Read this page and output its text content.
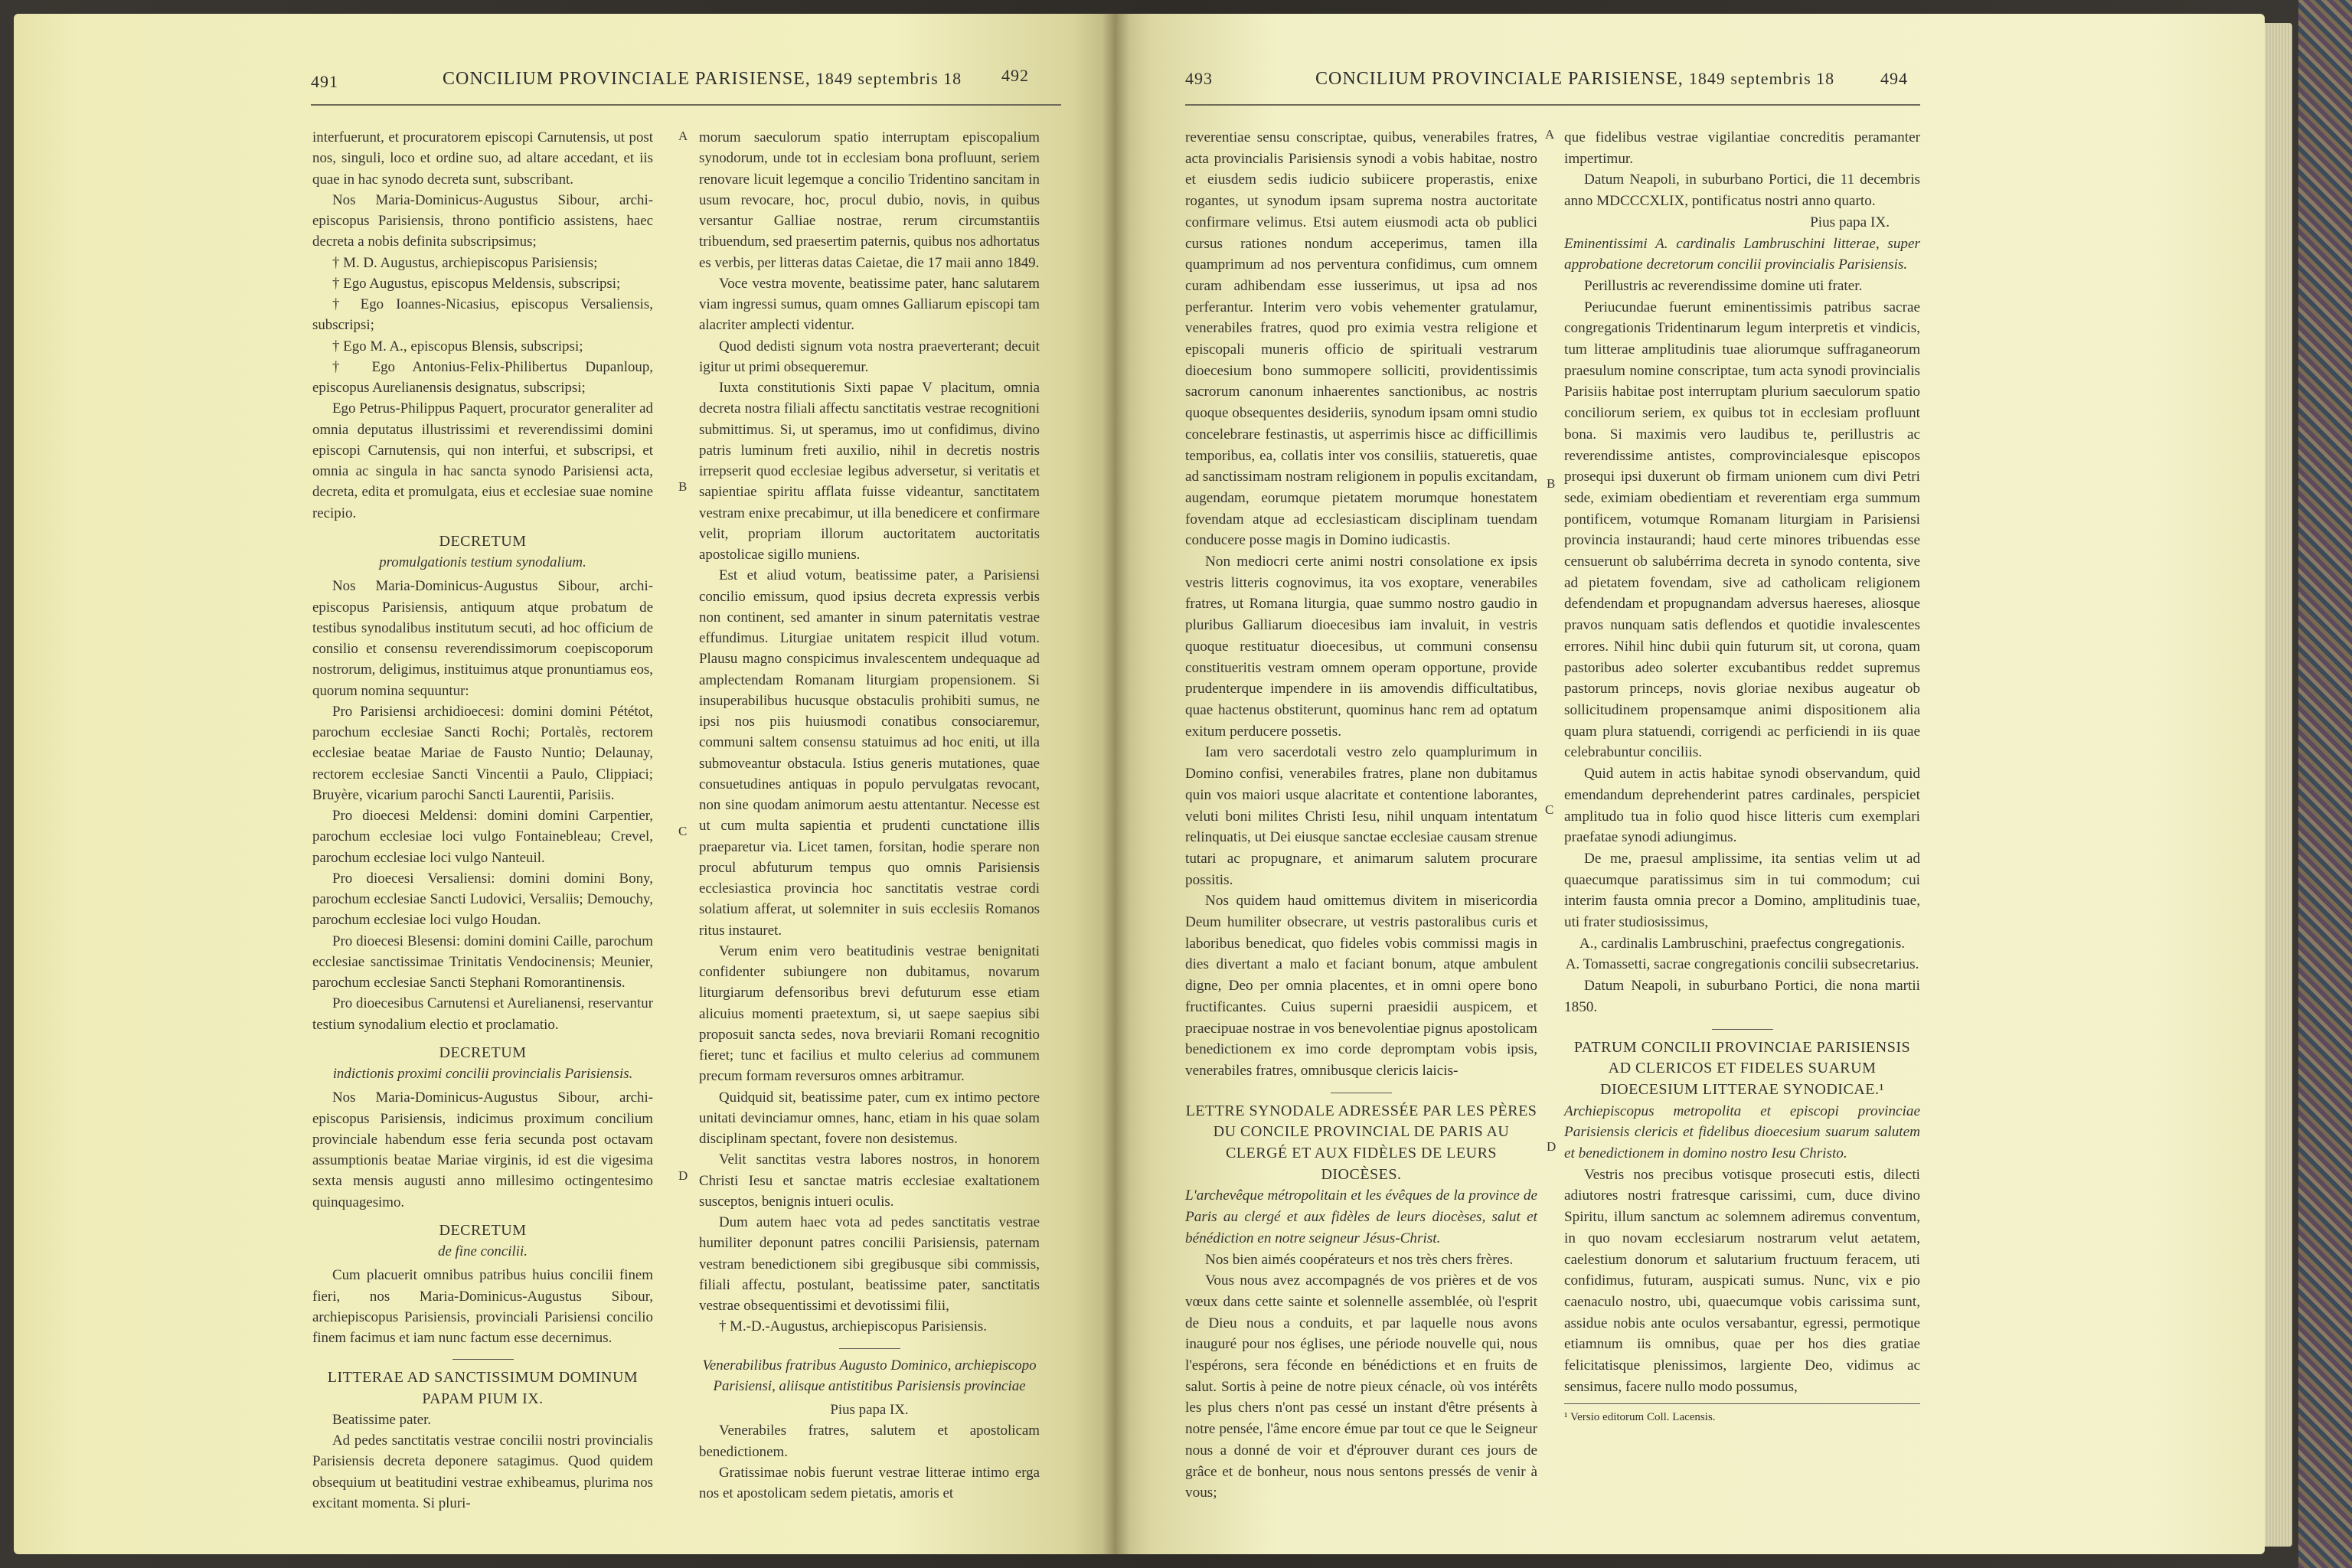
491	CONCILIUM PROVINCIALE PARISIENSE, 1849 septembris 18 492

interfuerunt, et procuratorem episcopi Carnutensis, ut post nos, singuli, loco et ordine suo, ad altare accedant, et iis quae in hac synodo decreta sunt, subscribant.

Nos Maria-Dominicus-Augustus Sibour, archi-episcopus Parisiensis, throno pontificio assistens, haec decreta a nobis definita subscripsimus;

† M. D. Augustus, archiepiscopus Parisiensis;

† Ego Augustus, episcopus Meldensis, subscripsi;

† Ego Ioannes-Nicasius, episcopus Versaliensis, subscripsi;

† Ego M. A., episcopus Blensis, subscripsi;

† Ego Antonius-Felix-Philibertus Dupanloup, episcopus Aurelianensis designatus, subscripsi;

Ego Petrus-Philippus Paquert, procurator generaliter ad omnia deputatus illustrissimi et reverendissimi domini episcopi Carnutensis, qui non interfui, et subscripsi, et omnia ac singula in hac sancta synodo Parisiensi acta, decreta, edita et promulgata, eius et ecclesiae suae nomine recipio.

DECRETUM

promulgationis testium synodalium.

Nos Maria-Dominicus-Augustus Sibour, archi-episcopus Parisiensis, antiquum atque probatum de testibus synodalibus institutum secuti, ad hoc officium de consilio et consensu reverendissimorum coepiscoporum nostrorum, deligimus, instituimus atque pronuntiamus eos, quorum nomina sequuntur:

Pro Parisiensi archidioecesi: domini domini Pététot, parochum ecclesiae Sancti Rochi; Portalès, rectorem ecclesiae beatae Mariae de Fausto Nuntio; Delaunay, rectorem ecclesiae Sancti Vincentii a Paulo, Clippiaci; Bruyère, vicarium parochi Sancti Laurentii, Parisiis.

Pro dioecesi Meldensi: domini domini Carpentier, parochum ecclesiae loci vulgo Fontainebleau; Crevel, parochum ecclesiae loci vulgo Nanteuil.

Pro dioecesi Versaliensi: domini domini Bony, parochum ecclesiae Sancti Ludovici, Versaliis; Demouchy, parochum ecclesiae loci vulgo Houdan.

Pro dioecesi Blesensi: domini domini Caille, parochum ecclesiae sanctissimae Trinitatis Vendocinensis; Meunier, parochum ecclesiae Sancti Stephani Romorantinensis.

Pro dioecesibus Carnutensi et Aurelianensi, reservantur testium synodalium electio et proclamatio.

DECRETUM

indictionis proximi concilii provincialis Parisiensis.

Nos Maria-Dominicus-Augustus Sibour, archi-episcopus Parisiensis, indicimus proximum concilium provinciale habendum esse feria secunda post octavam assumptionis beatae Mariae virginis, id est die vigesima sexta mensis augusti anno millesimo octingentesimo quinquagesimo.

DECRETUM

de fine concilii.

Cum placuerit omnibus patribus huius concilii finem fieri, nos Maria-Dominicus-Augustus Sibour, archiepiscopus Parisiensis, provinciali Parisiensi concilio finem facimus et iam nunc factum esse decernimus.

LITTERAE AD SANCTISSIMUM DOMINUM PAPAM PIUM IX.

Beatissime pater.

Ad pedes sanctitatis vestrae concilii nostri provincialis Parisiensis decreta deponere satagimus. Quod quidem obsequium ut beatitudini vestrae exhibeamus, plurima nos excitant momenta. Si pluri-

morum saeculorum spatio interruptam episcopalium synodorum, unde tot in ecclesiam bona profluunt, seriem renovare licuit legemque a concilio Tridentino sancitam in usum revocare, hoc, procul dubio, novis, in quibus versantur Galliae nostrae, rerum circumstantiis tribuendum, sed praesertim paternis, quibus nos adhortatus es verbis, per litteras datas Caietae, die 17 maii anno 1849.

Voce vestra movente, beatissime pater, hanc salutarem viam ingressi sumus, quam omnes Galliarum episcopi tam alacriter amplecti videntur.

Quod dedisti signum vota nostra praeverterant; decuit igitur ut primi obsequeremur.

Iuxta constitutionis Sixti papae V placitum, omnia decreta nostra filiali affectu sanctitatis vestrae recognitioni submittimus. Si, ut speramus, imo ut confidimus, divino patris luminum freti auxilio, nihil in decretis nostris irrepserit quod ecclesiae legibus adversetur, si veritatis et sapientiae spiritu afflata fuisse videantur, sanctitatem vestram enixe precabimur, ut illa benedicere et confirmare velit, propriam illorum auctoritatem auctoritatis apostolicae sigillo muniens.

Est et aliud votum, beatissime pater, a Parisiensi concilio emissum, quod ipsius decreta expressis verbis non continent, sed amanter in sinum paternitatis vestrae effundimus. Liturgiae unitatem respicit illud votum. Plausu magno conspicimus invalescentem undequaque ad amplectendam Romanam liturgiam propensionem. Si insuperabilibus hucusque obstaculis prohibiti sumus, ne ipsi nos piis huiusmodi conatibus consociaremur, communi saltem consensu statuimus ad hoc eniti, ut illa submoveantur obstacula. Istius generis mutationes, quae consuetudines antiquas in populo pervulgatas revocant, non sine quodam animorum aestu attentantur. Necesse est ut cum multa sapientia et prudenti cunctatione illis praeparetur via. Licet tamen, forsitan, hodie sperare non procul abfuturum tempus quo omnis Parisiensis ecclesiastica provincia hoc sanctitatis vestrae cordi solatium afferat, ut solemniter in suis ecclesiis Romanos ritus instauret.

Verum enim vero beatitudinis vestrae benignitati confidenter subiungere non dubitamus, novarum liturgiarum defensoribus brevi defuturum esse etiam alicuius momenti praetextum, si, ut saepe saepius sibi proposuit sancta sedes, nova breviarii Romani recognitio fieret; tunc et facilius et multo celerius ad communem precum formam reversuros omnes arbitramur.

Quidquid sit, beatissime pater, cum ex intimo pectore unitati devinciamur omnes, hanc, etiam in his quae solam disciplinam spectant, fovere non desistemus.

Velit sanctitas vestra labores nostros, in honorem Christi Iesu et sanctae matris ecclesiae exaltationem susceptos, benignis intueri oculis.

Dum autem haec vota ad pedes sanctitatis vestrae humiliter deponunt patres concilii Parisiensis, paternam vestram benedictionem sibi gregibusque sibi commissis, filiali affectu, postulant, beatissime pater, sanctitatis vestrae obsequentissimi et devotissimi filii,

† M.-D.-Augustus, archiepiscopus Parisiensis.

Venerabilibus fratribus Augusto Dominico, archiepiscopo Parisiensi, aliisque antistitibus Parisiensis provinciae

Pius papa IX.

Venerabiles fratres, salutem et apostolicam benedictionem.

Gratissimae nobis fuerunt vestrae litterae intimo erga nos et apostolicam sedem pietatis, amoris et

A
B
C
D
493	CONCILIUM PROVINCIALE PARISIENSE, 1849 septembris 18	494

reverentiae sensu conscriptae, quibus, venerabiles fratres, acta provincialis Parisiensis synodi a vobis habitae, nostro et eiusdem sedis iudicio subiicere properastis, enixe rogantes, ut synodum ipsam suprema nostra auctoritate confirmare velimus. Etsi autem eiusmodi acta ob publici cursus rationes nondum acceperimus, tamen illa quamprimum ad nos perventura confidimus, cum omnem curam adhibendam esse iusserimus, ut ipsa ad nos perferantur. Interim vero vobis vehementer gratulamur, venerabiles fratres, quod pro eximia vestra religione et episcopali muneris officio de spirituali vestrarum dioecesium bono summopere solliciti, providentissimis sacrorum canonum inhaerentes sanctionibus, ac nostris quoque obsequentes desideriis, synodum ipsam omni studio concelebrare festinastis, ut asperrimis hisce ac difficillimis temporibus, ea, collatis inter vos consiliis, statueretis, quae ad sanctissimam nostram religionem in populis excitandam, augendam, eorumque pietatem morumque honestatem fovendam atque ad ecclesiasticam disciplinam tuendam conducere posse magis in Domino iudicastis.

Non mediocri certe animi nostri consolatione ex ipsis vestris litteris cognovimus, ita vos exoptare, venerabiles fratres, ut Romana liturgia, quae summo nostro gaudio in pluribus Galliarum dioecesibus iam invaluit, in vestris quoque restituatur dioecesibus, ut communi consensu constitueritis vestram omnem operam opportune, provide prudenterque impendere in iis amovendis difficultatibus, quae hactenus obstiterunt, quominus hanc rem ad optatum exitum perducere possetis.

Iam vero sacerdotali vestro zelo quamplurimum in Domino confisi, venerabiles fratres, plane non dubitamus quin vos maiori usque alacritate et contentione laborantes, veluti boni milites Christi Iesu, nihil unquam intentatum relinquatis, ut Dei eiusque sanctae ecclesiae causam strenue tutari ac propugnare, et animarum salutem procurare possitis.

Nos quidem haud omittemus divitem in misericordia Deum humiliter obsecrare, ut vestris pastoralibus curis et laboribus benedicat, quo fideles vobis commissi magis in dies divertant a malo et faciant bonum, atque ambulent digne, Deo per omnia placentes, et in omni opere bono fructificantes. Cuius superni praesidii auspicem, et praecipuae nostrae in vos benevolentiae pignus apostolicam benedictionem ex imo corde depromptam vobis ipsis, venerabiles fratres, omnibusque clericis laicis-

LETTRE SYNODALE ADRESSÉE PAR LES PÈRES DU CONCILE PROVINCIAL DE PARIS AU CLERGÉ ET AUX FIDÈLES DE LEURS DIOCÈSES.

L'archevêque métropolitain et les évêques de la province de Paris au clergé et aux fidèles de leurs diocèses, salut et bénédiction en notre seigneur Jésus-Christ.

Nos bien aimés coopérateurs et nos très chers frères.

Vous nous avez accompagnés de vos prières et de vos vœux dans cette sainte et solennelle assemblée, où l'esprit de Dieu nous a conduits, et par laquelle nous avons inauguré pour nos églises, une période nouvelle qui, nous l'espérons, sera féconde en bénédictions et en fruits de salut. Sortis à peine de notre pieux cénacle, où vos intérêts les plus chers n'ont pas cessé un instant d'être présents à notre pensée, l'âme encore émue par tout ce que le Seigneur nous a donné de voir et d'éprouver durant ces jours de grâce et de bonheur, nous nous sentons pressés de venir à vous;

que fidelibus vestrae vigilantiae concreditis peramanter impertimur.

Datum Neapoli, in suburbano Portici, die 11 decembris anno MDCCCXLIX, pontificatus nostri anno quarto.

Pius papa IX.

Eminentissimi A. cardinalis Lambruschini litterae, super approbatione decretorum concilii provincialis Parisiensis.

Perillustris ac reverendissime domine uti frater.

Periucundae fuerunt eminentissimis patribus sacrae congregationis Tridentinarum legum interpretis et vindicis, tum litterae amplitudinis tuae aliorumque suffraganeorum praesulum nomine conscriptae, tum acta synodi provincialis Parisiis habitae post interruptam plurium saeculorum spatio conciliorum seriem, ex quibus tot in ecclesiam profluunt bona. Si maximis vero laudibus te, perillustris ac reverendissime antistes, comprovincialesque episcopos prosequi ipsi duxerunt ob firmam unionem cum divi Petri sede, eximiam obedientiam et reverentiam erga summum pontificem, votumque Romanam liturgiam in Parisiensi provincia instaurandi; haud certe minores tribuendas esse censuerunt ob salubérrima decreta in synodo contenta, sive ad pietatem fovendam, sive ad catholicam religionem defendendam et propugnandam adversus haereses, aliosque pravos nunquam satis deflendos et quotidie invalescentes errores. Nihil hinc dubii quin futurum sit, ut corona, quam pastoribus adeo solerter excubantibus reddet supremus pastorum princeps, novis gloriae nexibus augeatur ob sollicitudinem propensamque animi dispositionem alia quam plura statuendi, corrigendi ac perficiendi in iis quae celebrabuntur conciliis.

Quid autem in actis habitae synodi observandum, quid emendandum deprehenderint patres cardinales, perspiciet amplitudo tua in folio quod hisce litteris cum exemplari praefatae synodi adiungimus.

De me, praesul amplissime, ita sentias velim ut ad quaecumque paratissimus sim in tui commodum; cui interim fausta omnia precor a Domino, amplitudinis tuae, uti frater studiosissimus,

A., cardinalis Lambruschini, praefectus congregationis.

A. Tomassetti, sacrae congregationis concilii subsecretarius.

Datum Neapoli, in suburbano Portici, die nona martii 1850.

PATRUM CONCILII PROVINCIAE PARISIENSIS AD CLERICOS ET FIDELES SUARUM DIOECESIUM LITTERAE SYNODICAE.¹

Archiepiscopus metropolita et episcopi provinciae Parisiensis clericis et fidelibus dioecesium suarum salutem et benedictionem in domino nostro Iesu Christo.

Vestris nos precibus votisque prosecuti estis, dilecti adiutores nostri fratresque carissimi, cum, duce divino Spiritu, illum sanctum ac solemnem adiremus conventum, in quo novam ecclesiarum nostrarum velut aetatem, caelestium donorum et salutarium fructuum feracem, uti confidimus, futuram, auspicati sumus. Nunc, vix e pio caenaculo nostro, ubi, quaecumque vobis carissima sunt, assidue nobis ante oculos versabantur, egressi, permotique etiamnum iis omnibus, quae per hos dies gratiae felicitatisque plenissimos, largiente Deo, vidimus ac sensimus, facere nullo modo possumus,

¹ Versio editorum Coll. Lacensis.

A
B
C
D
